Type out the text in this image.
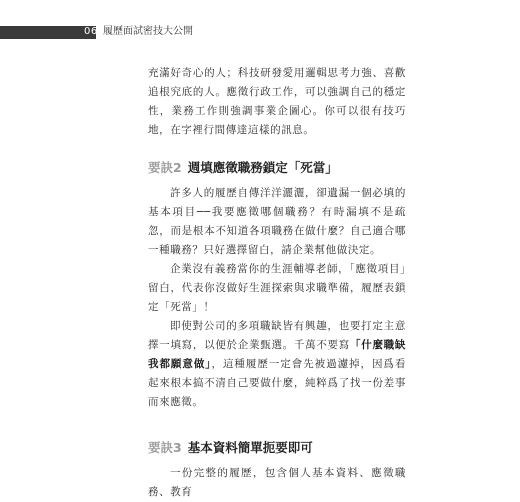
062
履歷面試密技大公開

充滿好奇心的人；科技研發愛用邏輯思考力強、喜歡追根究底的人。應徵行政工作，可以強調自己的穩定性，業務工作則強調事業企圖心。你可以很有技巧地，在字裡行間傳達這樣的訊息。

要訣2 週填應徵職務鎖定「死當」

許多人的履歷自傳洋洋灑灑，卻遺漏一個必填的基本項目──我要應徵哪個職務？有時漏填不是疏忽，而是根本不知道各項職務在做什麼？自己適合哪一種職務？只好選擇留白，請企業幫他做決定。

企業沒有義務當你的生涯輔導老師，「應徵項目」留白，代表你沒做好生涯探索與求職準備，履歷表鎖定「死當」！

即使對公司的多項職缺皆有興趣，也要打定主意擇一填寫，以便於企業甄選。千萬不要寫「什麼職缺我都願意做」，這種履歷一定會先被過濾掉，因爲看起來根本搞不清自己要做什麼，純粹爲了找一份差事而來應徵。

要訣3 基本資料簡單扼要即可

一份完整的履歷，包含個人基本資料、應徵職務、教育
